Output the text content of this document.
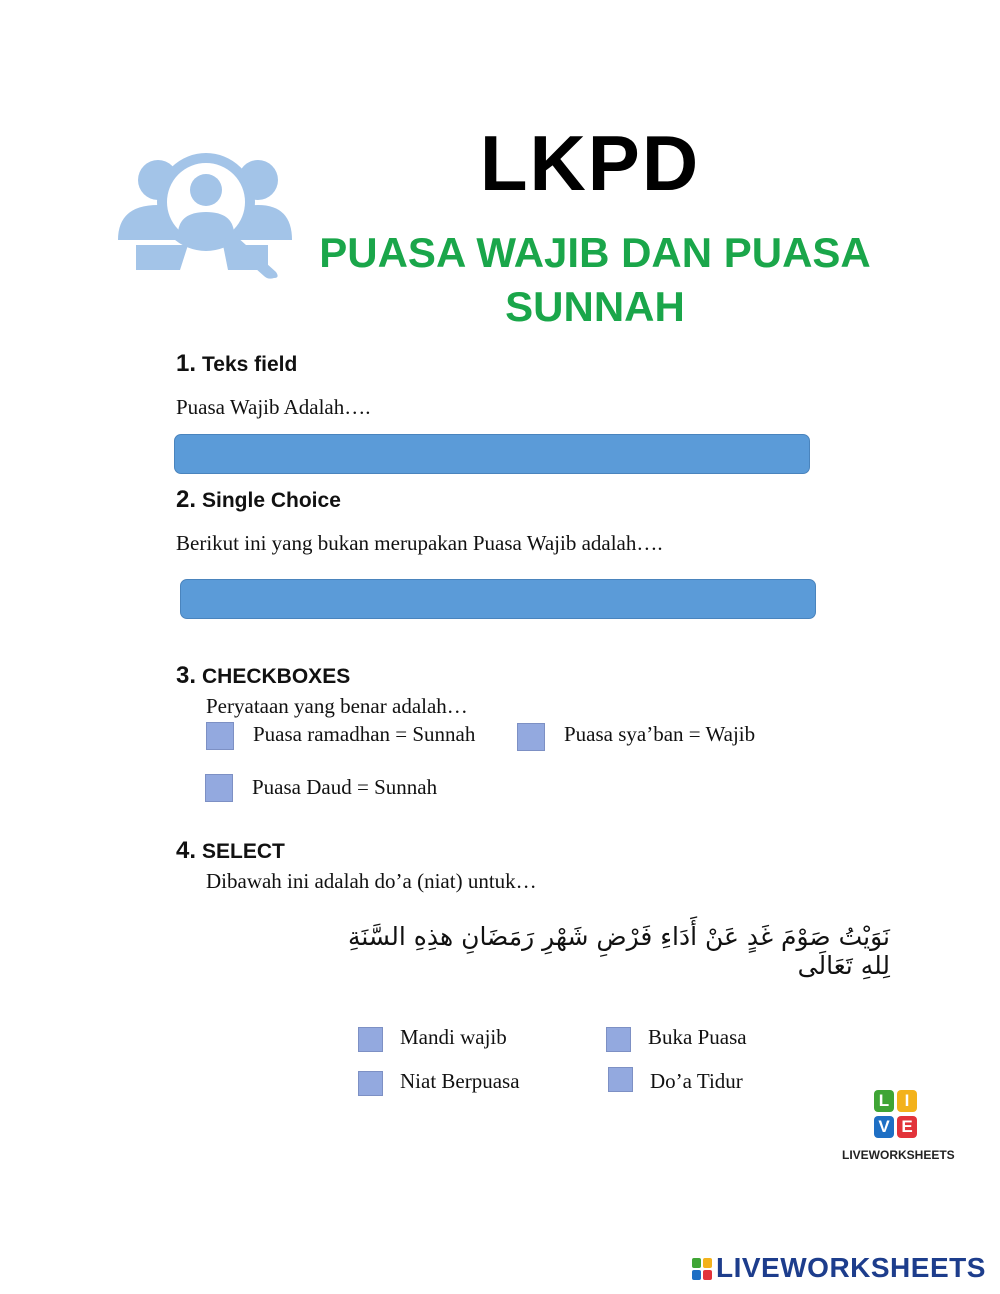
LKPD
PUASA WAJIB DAN PUASA SUNNAH
1. Teks field
Puasa Wajib Adalah….
2. Single Choice
Berikut ini yang bukan merupakan Puasa Wajib adalah….
3. CHECKBOXES
Peryataan yang benar adalah…
Puasa ramadhan = Sunnah	Puasa sya’ban = Wajib
Puasa Daud = Sunnah
4. SELECT
Dibawah ini adalah do’a (niat) untuk…
نَوَيْتُ صَوْمَ غَدٍ عَنْ أَدَاءِ فَرْضِ شَهْرِ رَمَضَانِ هذِهِ السَّنَةِ لِلهِ تَعَالَى
Mandi wajib	Buka Puasa
Niat Berpuasa	Do’a Tidur
L I
V E
LIVEWORKSHEETS
LIVEWORKSHEETS
